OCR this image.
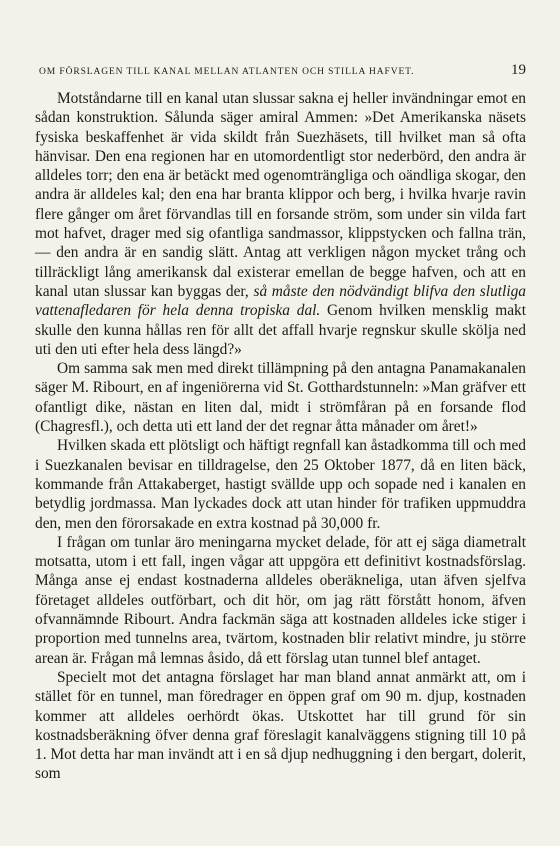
OM FÖRSLAGEN TILL KANAL MELLAN ATLANTEN OCH STILLA HAFVET.	19

Motståndarne till en kanal utan slussar sakna ej heller invändningar emot en sådan konstruktion. Sålunda säger amiral Ammen: »Det Amerikanska näsets fysiska beskaffenhet är vida skildt från Suezhäsets, till hvilket man så ofta hänvisar. Den ena regionen har en utomordentligt stor nederbörd, den andra är alldeles torr; den ena är betäckt med ogenomträngliga och oändliga skogar, den andra är alldeles kal; den ena har branta klippor och berg, i hvilka hvarje ravin flere gånger om året förvandlas till en forsande ström, som under sin vilda fart mot hafvet, drager med sig ofantliga sandmassor, klippstycken och fallna trän, — den andra är en sandig slätt. Antag att verkligen någon mycket trång och tillräckligt lång amerikansk dal existerar emellan de begge hafven, och att en kanal utan slussar kan byggas der, så måste den nödvändigt blifva den slutliga vattenafledaren för hela denna tropiska dal. Genom hvilken mensklig makt skulle den kunna hållas ren för allt det affall hvarje regnskur skulle skölja ned uti den uti efter hela dess längd?»

Om samma sak men med direkt tillämpning på den antagna Panamakanalen säger M. Ribourt, en af ingeniörerna vid St. Gotthardstunneln: »Man gräfver ett ofantligt dike, nästan en liten dal, midt i strömfåran på en forsande flod (Chagresfl.), och detta uti ett land der det regnar åtta månader om året!»

Hvilken skada ett plötsligt och häftigt regnfall kan åstadkomma till och med i Suezkanalen bevisar en tilldragelse, den 25 Oktober 1877, då en liten bäck, kommande från Attakaberget, hastigt svällde upp och sopade ned i kanalen en betydlig jordmassa. Man lyckades dock att utan hinder för trafiken uppmuddra den, men den förorsakade en extra kostnad på 30,000 fr.

I frågan om tunlar äro meningarna mycket delade, för att ej säga diametralt motsatta, utom i ett fall, ingen vågar att uppgöra ett definitivt kostnadsförslag. Många anse ej endast kostnaderna alldeles oberäkneliga, utan äfven sjelfva företaget alldeles outförbart, och dit hör, om jag rätt förstått honom, äfven ofvannämnde Ribourt. Andra fackmän säga att kostnaden alldeles icke stiger i proportion med tunnelns area, tvärtom, kostnaden blir relativt mindre, ju större arean är. Frågan må lemnas åsido, då ett förslag utan tunnel blef antaget.

Specielt mot det antagna förslaget har man bland annat anmärkt att, om i stället för en tunnel, man föredrager en öppen graf om 90 m. djup, kostnaden kommer att alldeles oerhördt ökas. Utskottet har till grund för sin kostnadsberäkning öfver denna graf föreslagit kanalväggens stigning till 10 på 1. Mot detta har man invändt att i en så djup nedhuggning i den bergart, dolerit, som
